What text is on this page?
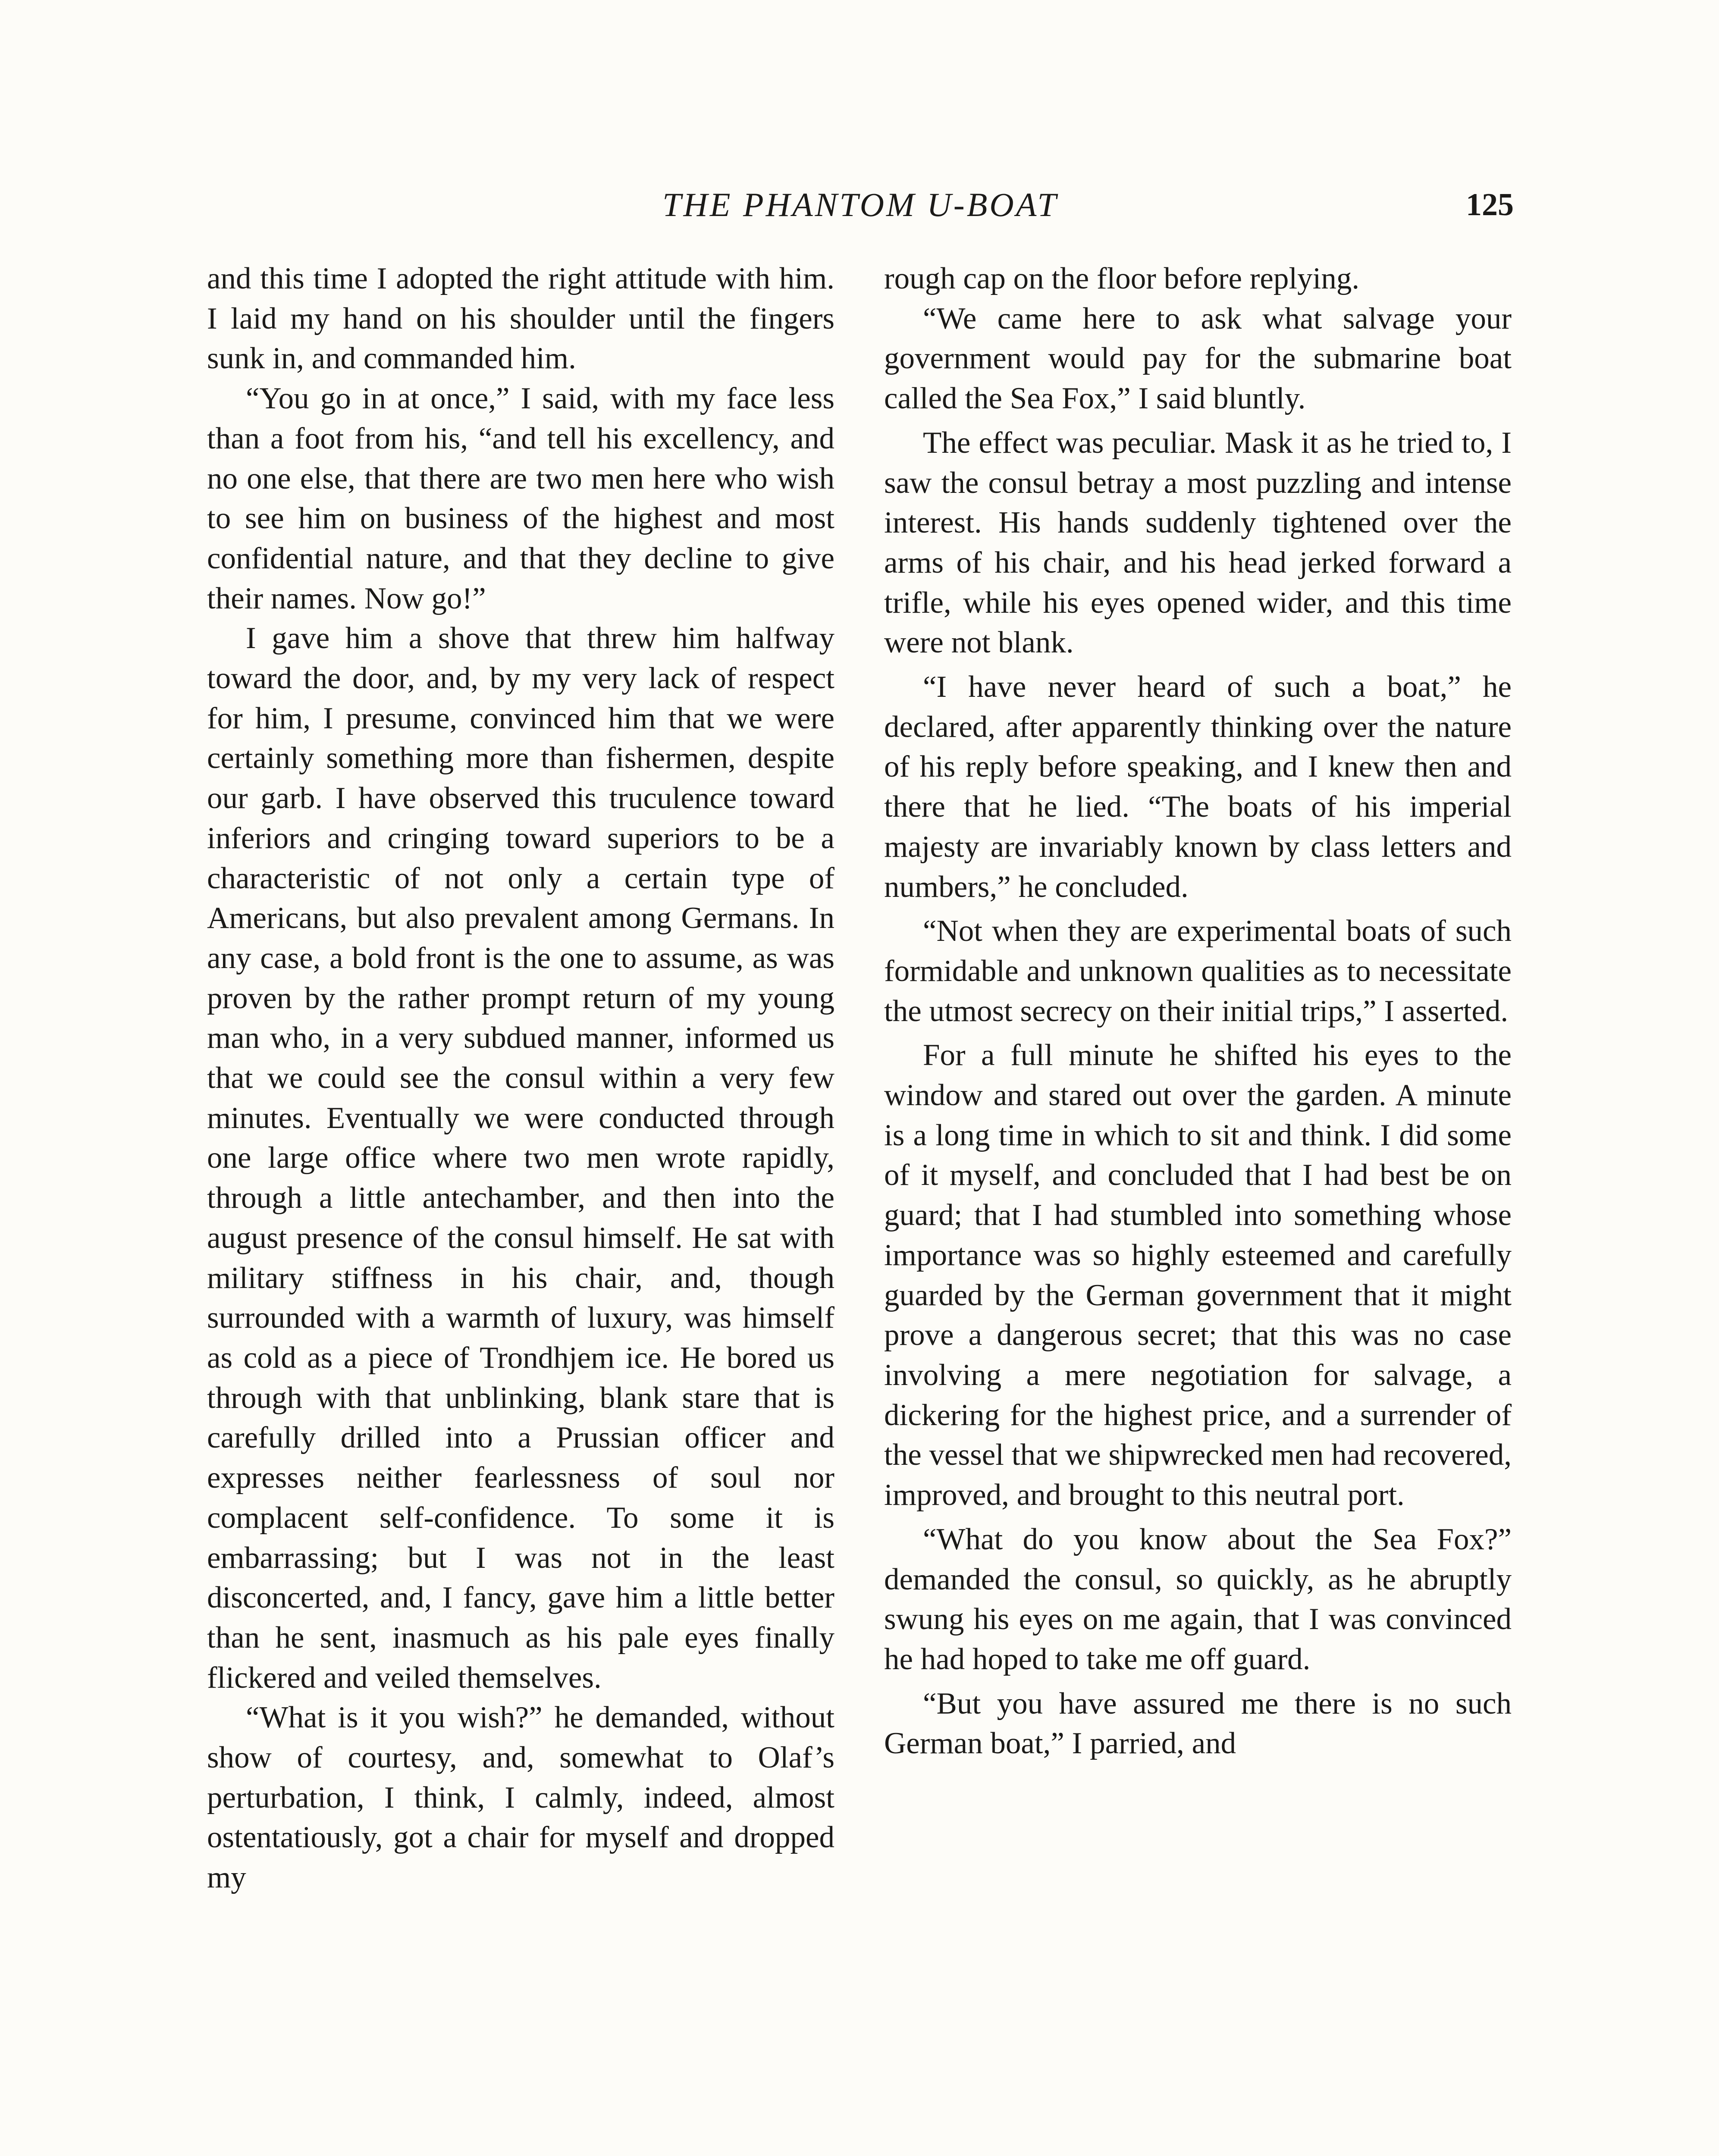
THE PHANTOM U-BOAT	125

and this time I adopted the right attitude with him. I laid my hand on his shoulder until the fingers sunk in, and commanded him.

“You go in at once,” I said, with my face less than a foot from his, “and tell his excellency, and no one else, that there are two men here who wish to see him on business of the highest and most confidential nature, and that they decline to give their names. Now go!”

I gave him a shove that threw him halfway toward the door, and, by my very lack of respect for him, I presume, convinced him that we were certainly something more than fishermen, despite our garb. I have observed this truculence toward inferiors and cringing toward superiors to be a characteristic of not only a certain type of Americans, but also prevalent among Germans. In any case, a bold front is the one to assume, as was proven by the rather prompt return of my young man who, in a very subdued manner, informed us that we could see the consul within a very few minutes. Eventually we were conducted through one large office where two men wrote rapidly, through a little antechamber, and then into the august presence of the consul himself. He sat with military stiffness in his chair, and, though surrounded with a warmth of luxury, was himself as cold as a piece of Trondhjem ice. He bored us through with that unblinking, blank stare that is carefully drilled into a Prussian officer and expresses neither fearlessness of soul nor complacent self-confidence. To some it is embarrassing; but I was not in the least disconcerted, and, I fancy, gave him a little better than he sent, inasmuch as his pale eyes finally flickered and veiled themselves.

“What is it you wish?” he demanded, without show of courtesy, and, somewhat to Olaf’s perturbation, I think, I calmly, indeed, almost ostentatiously, got a chair for myself and dropped my

rough cap on the floor before replying.

“We came here to ask what salvage your government would pay for the submarine boat called the Sea Fox,” I said bluntly.

The effect was peculiar. Mask it as he tried to, I saw the consul betray a most puzzling and intense interest. His hands suddenly tightened over the arms of his chair, and his head jerked forward a trifle, while his eyes opened wider, and this time were not blank.

“I have never heard of such a boat,” he declared, after apparently thinking over the nature of his reply before speaking, and I knew then and there that he lied. “The boats of his imperial majesty are invariably known by class letters and numbers,” he concluded.

“Not when they are experimental boats of such formidable and unknown qualities as to necessitate the utmost secrecy on their initial trips,” I asserted.

For a full minute he shifted his eyes to the window and stared out over the garden. A minute is a long time in which to sit and think. I did some of it myself, and concluded that I had best be on guard; that I had stumbled into something whose importance was so highly esteemed and carefully guarded by the German government that it might prove a dangerous secret; that this was no case involving a mere negotiation for salvage, a dickering for the highest price, and a surrender of the vessel that we shipwrecked men had recovered, improved, and brought to this neutral port.

“What do you know about the Sea Fox?” demanded the consul, so quickly, as he abruptly swung his eyes on me again, that I was convinced he had hoped to take me off guard.

“But you have assured me there is no such German boat,” I parried, and
